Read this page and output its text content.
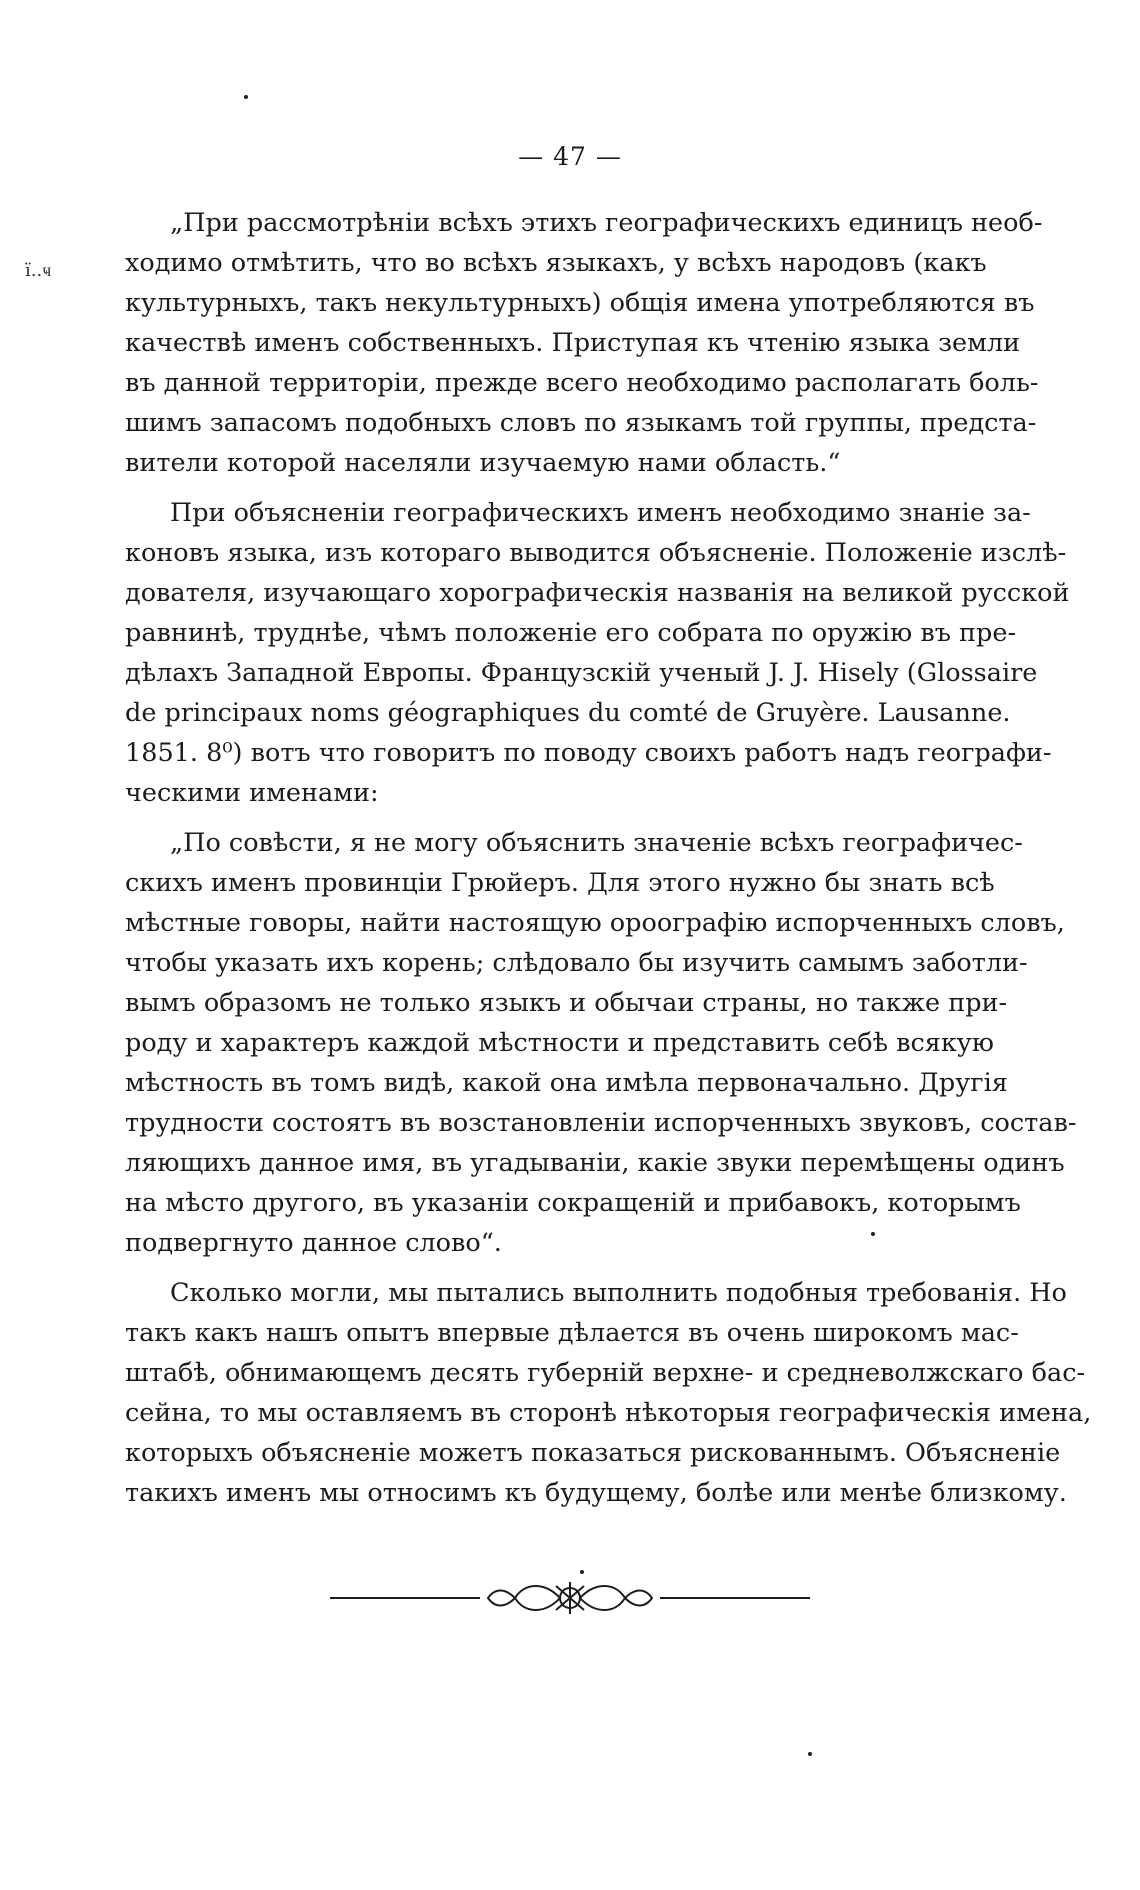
— 47 —
ї..ҹ
„При рассмотрѣніи всѣхъ этихъ географическихъ единицъ необ-
ходимо отмѣтить, что во всѣхъ языкахъ, у всѣхъ народовъ (какъ
культурныхъ, такъ некультурныхъ) общія имена употребляются въ
качествѣ именъ собственныхъ. Приступая къ чтенію языка земли
въ данной территоріи, прежде всего необходимо располагать боль-
шимъ запасомъ подобныхъ словъ по языкамъ той группы, предста-
вители которой населяли изучаемую нами область.“
При объясненіи географическихъ именъ необходимо знаніе за-
коновъ языка, изъ котораго выводится объясненіе. Положеніе изслѣ-
дователя, изучающаго хорографическія названія на великой русской
равнинѣ, труднѣе, чѣмъ положеніе его собрата по оружію въ пре-
дѣлахъ Западной Европы. Французскій ученый J. J. Hisely (Glossaire
de principaux noms géographiques du comté de Gruyère. Lausanne.
1851. 8⁰) вотъ что говоритъ по поводу своихъ работъ надъ географи-
ческими именами:
„По совѣсти, я не могу объяснить значеніе всѣхъ географичес-
скихъ именъ провинціи Грюйеръ. Для этого нужно бы знать всѣ
мѣстные говоры, найти настоящую ороографію испорченныхъ словъ,
чтобы указать ихъ корень; слѣдовало бы изучить самымъ заботли-
вымъ образомъ не только языкъ и обычаи страны, но также при-
роду и характеръ каждой мѣстности и представить себѣ всякую
мѣстность въ томъ видѣ, какой она имѣла первоначально. Другія
трудности состоятъ въ возстановленіи испорченныхъ звуковъ, состав-
ляющихъ данное имя, въ угадываніи, какіе звуки перемѣщены одинъ
на мѣсто другого, въ указаніи сокращеній и прибавокъ, которымъ
подвергнуто данное слово“.
Сколько могли, мы пытались выполнить подобныя требованія. Но
такъ какъ нашъ опытъ впервые дѣлается въ очень широкомъ мас-
штабѣ, обнимающемъ десять губерній верхне- и средневолжскаго бас-
сейна, то мы оставляемъ въ сторонѣ нѣкоторыя географическія имена,
которыхъ объясненіе можетъ показаться рискованнымъ. Объясненіе
такихъ именъ мы относимъ къ будущему, болѣе или менѣе близкому.
